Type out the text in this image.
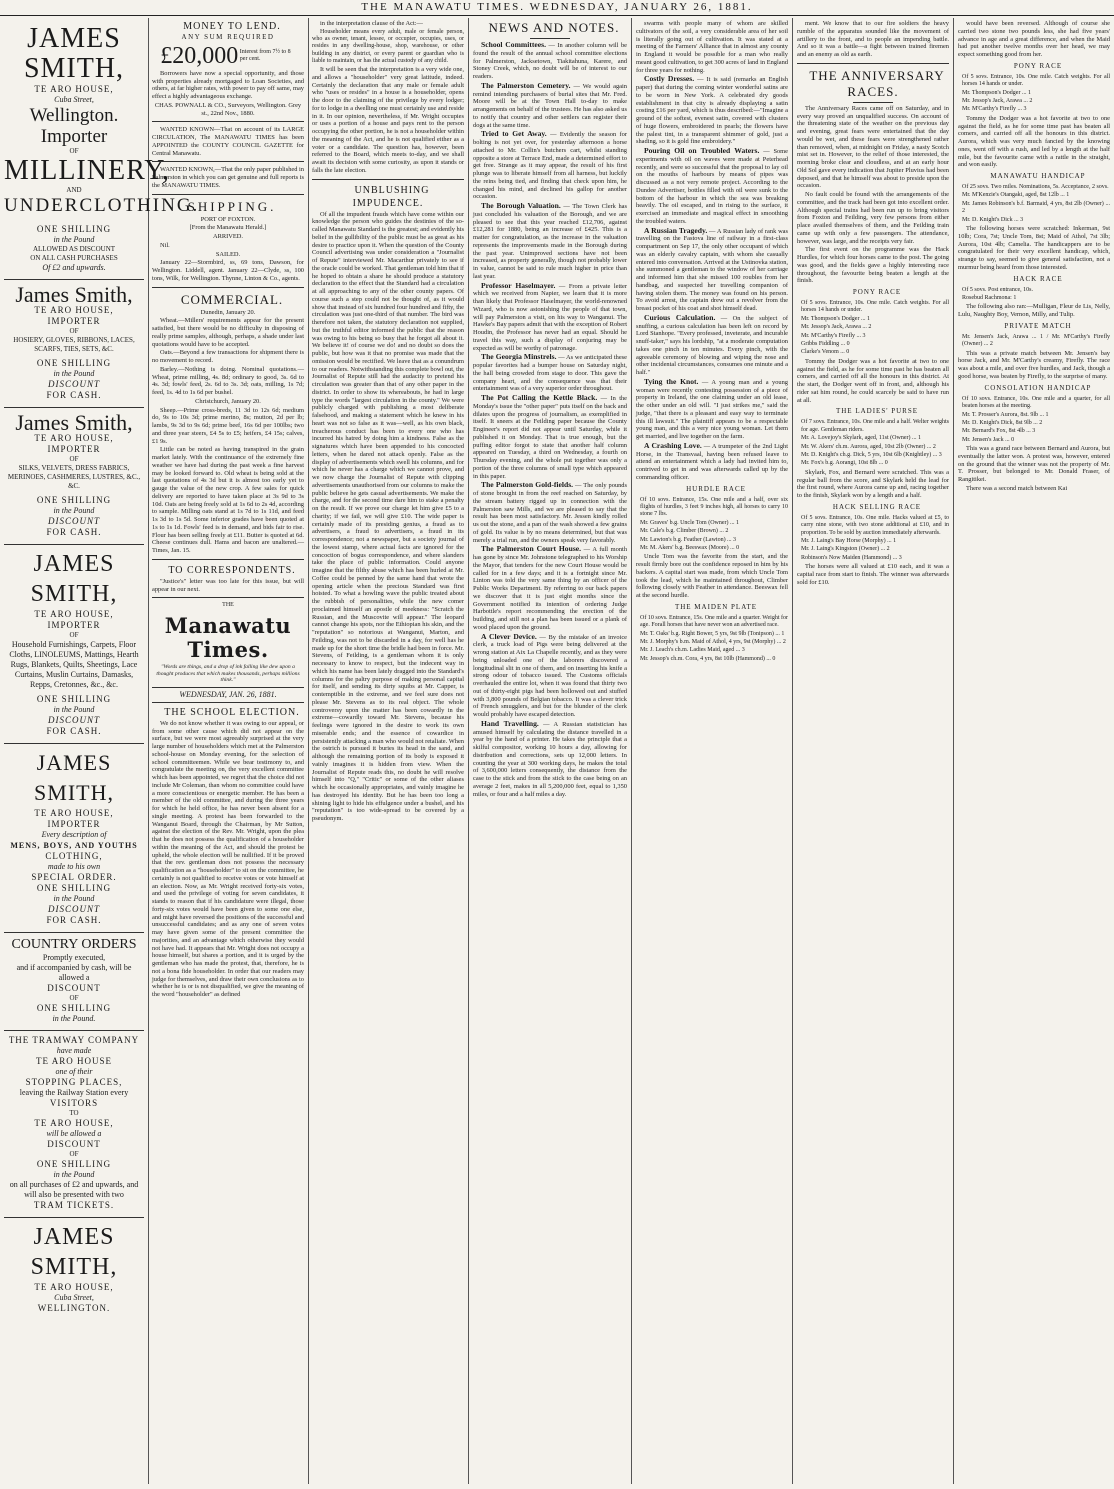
THE MANAWATU TIMES. WEDNESDAY, JANUARY 26, 1881.
JAMES SMITH,
TE ARO HOUSE,
Cuba Street,
Wellington.
Importer
OF
MILLINERY,
AND
UNDERCLOTHING.
ONE SHILLING
in the Pound
ALLOWED AS DISCOUNT
ON ALL CASH PURCHASES
Of £2 and upwards.
James Smith,
TE ARO HOUSE,
IMPORTER
OF
HOSIERY, GLOVES, RIBBONS, LACES, SCARFS, TIES, SETS, &C.
ONE SHILLING
in the Pound
DISCOUNT
FOR CASH.
James Smith,
TE ARO HOUSE,
IMPORTER
OF
SILKS, VELVETS, DRESS FABRICS, MERINOES, CASHMERES, LUSTRES, &C., &C.
ONE SHILLING
in the Pound
DISCOUNT
FOR CASH.
JAMES SMITH,
TE ARO HOUSE,
IMPORTER
OF
Household Furnishings, Carpets, Floor Cloths, LINOLEUMS, Mattings, Hearth Rugs, Blankets, Quilts, Sheetings, Lace Curtains, Muslin Curtains, Damasks, Repps, Cretonnes, &c., &c.
ONE SHILLING
in the Pound
DISCOUNT
FOR CASH.
JAMES SMITH,
TE ARO HOUSE,
IMPORTER
Every description of
MENS, BOYS, AND YOUTHS
CLOTHING,
made to his own
SPECIAL ORDER.
ONE SHILLING
in the Pound
DISCOUNT
FOR CASH.
COUNTRY ORDERS
Promptly executed,
and if accompanied by cash, will be allowed a
DISCOUNT
OF
ONE SHILLING
in the Pound.
THE TRAMWAY COMPANY
have made
TE ARO HOUSE
one of their
STOPPING PLACES,
leaving the Railway Station every
VISITORS
TO
TE ARO HOUSE,
will be allowed a
DISCOUNT
OF
ONE SHILLING
in the Pound
on all purchases of £2 and upwards, and
will also be presented with two
TRAM TICKETS.
JAMES SMITH,
TE ARO HOUSE,
Cuba Street,
WELLINGTON.

MONEY TO LEND.

ANY SUM REQUIRED

£20,000 Interest from 7½ to 8 per cent.

Borrowers have now a special opportunity, and those with properties already mortgaged to Loan Societies, and others, at far higher rates, with power to pay off same, may effect a highly advantageous exchange.

CHAS. POWNALL & CO., Surveyors, Wellington. Grey st., 22nd Nov., 1880.

WANTED KNOWN—That on account of its LARGE CIRCULATION, The MANAWATU TIMES has been APPOINTED the COUNTY COUNCIL GAZETTE for Central Manawatu.

WANTED KNOWN,—That the only paper published in Palmerston in which you can get genuine and full reports is the MANAWATU TIMES.

SHIPPING.

PORT OF FOXTON.

[From the Manawatu Herald.]

ARRIVED.

Nil.

SAILED.

January 22—Stormbird, ss, 69 tons, Dawson, for Wellington. Liddell, agent. January 22—Clyde, ss, 100 tons, Wilk, for Wellington. Thynne, Linton & Co., agents.

COMMERCIAL.

Dunedin, January 20.

Wheat.—Millers' requirements appear for the present satisfied, but there would be no difficulty in disposing of really prime samples, although, perhaps, a shade under last quotations would have to be accepted.

Oats.—Beyond a few transactions for shipment there is no movement to record.

Barley.—Nothing is doing. Nominal quotations.—Wheat, prime milling, 4s. 8d; ordinary to good, 3s. 6d to 4s. 3d; fowls' feed, 2s. 6d to 3s. 3d; oats, milling, 1s 7d; feed, 1s. 4d to 1s 6d per bushel.

Christchurch, January 20.

Sheep.—Prime cross-breds, 11 3d to 12s 6d; medium do, 9s to 10s 3d; prime merino, 8s; mutton, 2d per lb; lambs, 9s 3d to 9s 6d; prime beef, 16s 6d per 100lbs; two and three year steers, £4 5s to £5; heifers, £4 15s; calves, £1 9s.

Little can be noted as having transpired in the grain market lately. With the continuance of the extremely fine weather we have had during the past week a fine harvest may be looked forward to. Old wheat is being sold at the last quotations of 4s 3d but it is almost too early yet to gauge the value of the new crop. A few sales for quick delivery are reported to have taken place at 3s 9d to 3s 10d. Oats are being freely sold at 1s 6d to 2s 4d, according to sample. Milling oats stand at 1s 7d to 1s 11d, and feed 1s 3d to 1s 5d. Some inferior grades have been quoted at 1s to 1s 1d. Fowls' feed is in demand, and bids fair to rise. Flour has been selling freely at £11. Butter is quoted at 6d. Cheese continues dull. Hams and bacon are unaltered.—Times, Jan. 15.

TO CORRESPONDENTS.

"Justice's" letter was too late for this issue, but will appear in our next.

THE

Manawatu Times.

"Words are things, and a drop of ink falling like dew upon a thought produces that which makes thousands, perhaps millions think."

WEDNESDAY, JAN. 26, 1881.

THE SCHOOL ELECTION.

We do not know whether it was owing to our appeal, or from some other cause which did not appear on the surface, but we were most agreeably surprised at the very large number of householders which met at the Palmerston school-house on Monday evening, for the selection of school committeemen. While we bear testimony to, and congratulate the meeting on, the very excellent committee which has been appointed, we regret that the choice did not include Mr Coleman, than whom no committee could have a more conscientious or energetic member. He has been a member of the old committee, and during the three years for which he held office, he has never been absent for a single meeting. A protest has been forwarded to the Wanganui Board, through the Chairman, by Mr Sutton, against the election of the Rev. Mr. Wright, upon the plea that he does not possess the qualification of a householder within the meaning of the Act, and should the protest be upheld, the whole election will be nullified. If it be proved that the rev. gentleman does not possess the necessary qualification as a "householder" to sit on the committee, he certainly is not qualified to receive votes or vote himself at an election. Now, as Mr. Wright received forty-six votes, and used the privilege of voting for seven candidates, it stands to reason that if his candidature were illegal, those forty-six votes would have been given to some one else, and might have reversed the positions of the successful and unsuccessful candidates; and as any one of seven votes may have given some of the present committee the majorities, and an advantage which otherwise they would not have had. It appears that Mr. Wright does not occupy a house himself, but shares a portion, and it is urged by the gentleman who has made the protest, that, therefore, he is not a bona fide householder. In order that our readers may judge for themselves, and draw their own conclusions as to whether he is or is not disqualified, we give the meaning of the word "householder" as defined

in the interpretation clause of the Act:—

Householder means every adult, male or female person, who as owner, tenant, lessee, or occupier, occupies, uses, or resides in any dwelling-house, shop, warehouse, or other building in any district, or every parent or guardian who is liable to maintain, or has the actual custody of any child.

It will be seen that the interpretation is a very wide one, and allows a "householder" very great latitude, indeed. Certainly the declaration that any male or female adult who "uses or resides" in a house is a householder, opens the door to the claiming of the privilege by every lodger; for to lodge in a dwelling one must certainly use and reside in it. In our opinion, nevertheless, if Mr. Wright occupies or uses a portion of a house and pays rent to the person occupying the other portion, he is not a householder within the meaning of the Act, and he is not qualified either as a voter or a candidate. The question has, however, been referred to the Board, which meets to-day, and we shall await its decision with some curiosity, as upon it stands or falls the late election.

UNBLUSHING IMPUDENCE.

Of all the impudent frauds which have come within our knowledge the person who guides the destinies of the so-called Manawatu Standard is the greatest; and evidently his belief in the gullibility of the public must be as great as his desire to practice upon it. When the question of the County Council advertising was under consideration a "Journalist of Repute" interviewed Mr. Macarthur privately to see if the oracle could be worked. That gentleman told him that if he hoped to obtain a share he should produce a statutory declaration to the effect that the Standard had a circulation at all approaching to any of the other county papers. Of course such a step could not be thought of, as it would show that instead of six hundred four hundred and fifty, the circulation was just one-third of that number. The bird was therefore not taken, the statutory declaration not supplied, but the truthful editor informed the public that the reason was owing to his being so busy that he forgot all about it. We believe it! of course we do! and no doubt so does the public, but how was it that no promise was made that the omission would be rectified. We leave that as a conundrum to our readers. Notwithstanding this complete bowl out, the Journalist of Repute still had the audacity to pretend his circulation was greater than that of any other paper in the district. In order to show its whereabouts, he had in large type the words "largest circulation in the county." We were publicly charged with publishing a most deliberate falsehood, and making a statement which he knew in his heart was not so false as it was—well, as his own black, treacherous conduct has been to every one who has incurred his hatred by doing him a kindness. False as the signatures which have been appended to his concocted letters, when he dared not attack openly. False as the display of advertisements which swell his columns, and for which he never has a charge which we cannot prove, and we now charge the Journalist of Repute with clipping advertisements unauthorised from our columns to make the public believe he gets casual advertisements. We make the charge, and for the second time dare him to stake a penalty on the result. If we prove our charge let him give £5 to a charity; if we fail, we will give £10. The wide paper is certainly made of its presiding genius, a fraud as to advertisers, a fraud to advertisers, a fraud in its correspondence; not a newspaper, but a society journal of the lowest stamp, where actual facts are ignored for the concoction of bogus correspondence, and where slanders take the place of public information. Could anyone imagine that the filthy abuse which has been hurled at Mr. Coffee could be penned by the same hand that wrote the opening article when the precious Standard was first hoisted. To what a howling wave the public treated about the rubbish of personalities, while the new comer proclaimed himself an apostle of meekness: "Scratch the Russian, and the Muscovite will appear." The leopard cannot change his spots, nor the Ethiopian his skin, and the "reputation" so notorious at Wanganui, Marton, and Feilding, was not to be discarded in a day, for well has he made up for the short time the bridle had been in force. Mr. Stevens, of Feilding, is a gentleman whom it is only necessary to know to respect, but the indecent way in which his name has been lately dragged into the Standard's columns for the paltry purpose of making personal capital for itself, and sending its dirty squibs at Mr. Capper, is contemptible in the extreme, and we feel sure does not please Mr. Stevens as to its real object. The whole controversy upon the matter has been cowardly in the extreme—cowardly toward Mr. Stevens, because his feelings were ignored in the desire to work its own miserable ends; and the essence of cowardice in persistently attacking a man who would not retaliate. When the ostrich is pursued it buries its head in the sand, and although the remaining portion of its body is exposed it vainly imagines it is hidden from view. When the Journalist of Repute reads this, no doubt he will resolve himself into "Q," "Critic" or some of the other aliases which he occasionally appropriates, and vainly imagine he has destroyed his identity. But he has been too long a shining light to hide his effulgence under a bushel, and his "reputation" is too wide-spread to be covered by a pseudonym.

NEWS AND NOTES.

School Committees. — In another column will be found the result of the annual school committee elections for Palmerston, Jacksetown, Tiakitahuna, Karere, and Stoney Creek, which, no doubt will be of interest to our readers.

The Palmerston Cemetery. — We would again remind intending purchasers of burial sites that Mr. Fred. Moore will be at the Town Hall to-day to make arrangements on behalf of the trustees. He has also asked us to notify that country and other settlers can register their dogs at the same time.

Tried to Get Away. — Evidently the season for bolting is not yet over, for yesterday afternoon a horse attached to Mr. Collin's butchers cart, whilst standing opposite a store at Terrace End, made a determined effort to get free. Strange as it may appear, the result of his first plunge was to liberate himself from all harness, but luckily the reins being tied, and finding that check upon him, he changed his mind, and declined his gallop for another occasion.

The Borough Valuation. — The Town Clerk has just concluded his valuation of the Borough, and we are pleased to see that this year reached £12,706, against £12,281 for 1880, being an increase of £425. This is a matter for congratulation, as the increase in the valuation represents the improvements made in the Borough during the past year. Unimproved sections have not been increased, as property generally, though not probably lower in value, cannot be said to rule much higher in price than last year.

Professor Haselmayer. — From a private letter which we received from Napier, we learn that it is more than likely that Professor Haselmayer, the world-renowned Wizard, who is now astonishing the people of that town, will pay Palmerston a visit, on his way to Wanganui. The Hawke's Bay papers admit that with the exception of Robert Houdin, the Professor has never had an equal. Should he travel this way, such a display of conjuring may be expected as will be worthy of patronage.

The Georgia Minstrels. — As we anticipated these popular favorites had a bumper house on Saturday night, the hall being crowded from stage to door. This gave the company heart, and the consequence was that their entertainment was of a very superior order throughout.

The Pot Calling the Kettle Black. — In the Monday's issue the "other paper" puts itself on the back and dilates upon the progress of journalism, as exemplified in itself. It sneers at the Feilding paper because the County Engineer's report did not appear until Saturday, while it published it on Monday. That is true enough, but the puffing editor forgot to state that another half column appeared on Tuesday, a third on Wednesday, a fourth on Thursday evening, and the whole put together was only a portion of the three columns of small type which appeared in this paper.

The Palmerston Gold-fields. — The only pounds of stone brought in from the reef reached on Saturday, by the stream battery rigged up in connection with the Palmerston saw Mills, and we are pleased to say that the result has been most satisfactory. Mr. Jessen kindly rolled us out the stone, and a pan of the wash showed a few grains of gold. Its value is by no means determined, but that was merely a trial run, and the owners speak very favorably.

The Palmerston Court House. — A full month has gone by since Mr. Johnstone telegraphed to his Worship the Mayor, that tenders for the new Court House would be called for in a few days; and it is a fortnight since Mr. Linton was told the very same thing by an officer of the Public Works Department. By referring to our back papers we discover that it is just eight months since the Government notified its intention of ordering Judge Harbottle's report recommending the erection of the building, and still not a plan has been issued or a plank of wood placed upon the ground.

A Clever Device. — By the mistake of an invoice clerk, a truck load of Pigs were being delivered at the wrong station at Aix La Chapelle recently, and as they were being unloaded one of the laborers discovered a longitudinal slit in one of them, and on inserting his knife a strong odour of tobacco issued. The Customs officials overhauled the entire lot, when it was found that thirty two out of thirty-eight pigs had been hollowed out and stuffed with 3,800 pounds of Belgian tobacco. It was a clever trick of French smugglers, and but for the blunder of the clerk would probably have escaped detection.

Hand Travelling. — A Russian statistician has amused himself by calculating the distance travelled in a year by the hand of a printer. He takes the principle that a skilful compositor, working 10 hours a day, allowing for distribution and corrections, sets up 12,000 letters. In counting the year at 300 working days, he makes the total of 3,600,000 letters consequently, the distance from the case to the stick and from the stick to the case being on an average 2 feet, makes in all 5,200,000 feet, equal to 1,350 miles, or four and a half miles a day.

swarms with people many of whom are skilled cultivators of the soil, a very considerable area of her soil is literally going out of cultivation. It was stated at a meeting of the Farmers' Alliance that in almost any county in England it would be possible for a man who really meant good cultivation, to get 300 acres of land in England for three years for nothing.

Costly Dresses. — It is said (remarks an English paper) that during the coming winter wonderful satins are to be worn in New York. A celebrated dry goods establishment in that city is already displaying a satin costing £16 per yard, which is thus described:—"Imagine a ground of the softest, evenest satin, covered with clusters of huge flowers, embroidered in pearls; the flowers have the palest tint, in a transparent shimmer of gold, just a shading, so it is gold fine embroidery."

Pouring Oil on Troubled Waters. — Some experiments with oil on waves were made at Peterhead recently, and were so successful that the proposal to lay oil on the mouths of harbours by means of pipes was discussed as a not very remote project. According to the Dundee Advertiser, bottles filled with oil were sunk to the bottom of the harbour in which the sea was breaking heavily. The oil escaped, and in rising to the surface, it exercised an immediate and magical effect in smoothing the troubled waters.

A Russian Tragedy. — A Russian lady of rank was travelling on the Fastova line of railway in a first-class compartment on Sep 17, the only other occupant of which was an elderly cavalry captain, with whom she casually entered into conversation. Arrived at the Ustinovka station, she summoned a gentleman to the window of her carriage and informed him that she missed 100 roubles from her handbag, and suspected her travelling companion of having stolen them. The money was found on his person. To avoid arrest, the captain drew out a revolver from the breast pocket of his coat and shot himself dead.

Curious Calculation. — On the subject of snuffing, a curious calculation has been left on record by Lord Stanhope. "Every professed, inveterate, and incurable snuff-taker," says his lordship, "at a moderate computation takes one pinch in ten minutes. Every pinch, with the agreeable ceremony of blowing and wiping the nose and other incidental circumstances, consumes one minute and a half."

Tying the Knot. — A young man and a young woman were recently contesting possession of a piece of property in Ireland, the one claiming under an old lease, the other under an old will. "I just strikes me," said the judge, "that there is a pleasant and easy way to terminate this ill lawsuit." The plaintiff appears to be a respectable young man, and this a very nice young woman. Let them get married, and live together on the farm.

A Crashing Love. — A trumpeter of the 2nd Light Horse, in the Transvaal, having been refused leave to attend an entertainment which a lady had invited him to, contrived to get in and was afterwards called up by the commanding officer.

HURDLE RACE

Of 10 sovs. Entrance, 15s. One mile and a half, over six flights of hurdles, 3 feet 9 inches high, all horses to carry 10 stone 7 lbs.

Mr. Graves' b.g. Uncle Tom (Owner) ... 1

Mr. Cale's b.g. Climber (Brown) ... 2

Mr. Lawton's b.g. Feather (Lawton) ... 3

Mr. M. Akers' b.g. Beeswax (Moore) ... 0

Uncle Tom was the favorite from the start, and the result firmly bore out the confidence reposed in him by his backers. A capital start was made, from which Uncle Tom took the lead, which he maintained throughout, Climber following closely with Feather in attendance. Beeswax fell at the second hurdle.

THE MAIDEN PLATE

Of 10 sovs. Entrance, 15s. One mile and a quarter. Weight for age. Forall horses that have never won an advertised race.

Mr. T. Oaks' b.g. Right Bower, 5 yrs, 9st 9lb (Tonipson) ... 1

Mr. J. Morphy's b.m. Maid of Athol, 4 yrs, 9st (Morphy) ... 2

Mr. J. Leach's ch.m. Ladies Maid, aged ... 3

Mr. Jessop's ch.m. Cora, 4 yrs, 8st 10lb (Hammond) ... 0

ment. We know that to our fire soldiers the heavy rumble of the apparatus sounded like the movement of artillery to the front, and to people an impending battle. And so it was a battle—a fight between trained firemen and an enemy as old as earth.

THE ANNIVERSARY RACES.

The Anniversary Races came off on Saturday, and in every way proved an unqualified success. On account of the threatening state of the weather on the previous day and evening, great fears were entertained that the day would be wet, and these fears were strengthened rather than removed, when, at midnight on Friday, a nasty Scotch mist set in. However, to the relief of those interested, the morning broke clear and cloudless, and at an early hour Old Sol gave every indication that Jupiter Pluvius had been deposed, and that he himself was about to preside upon the occasion.

No fault could be found with the arrangements of the committee, and the track had been got into excellent order. Although special trains had been run up to bring visitors from Foxton and Feilding, very few persons from either place availed themselves of them, and the Feilding train came up with only a few passengers. The attendance, however, was large, and the receipts very fair.

The first event on the programme was the Hack Hurdles, for which four horses came to the post. The going was good, and the fields gave a highly interesting race throughout, the favourite being beaten a length at the finish.

PONY RACE

Of 5 sovs. Entrance, 10s. One mile. Catch weights. For all horses 14 hands or under.

Mr. Thompson's Dodger ... 1

Mr. Jessop's Jack, Arawa ... 2

Mr. M'Carthy's Firefly ... 3

Gribbs Fiddling ... 0

Clarke's Venom ... 0

Tommy the Dodger was a hot favorite at two to one against the field, as he for some time past he has beaten all comers, and carried off all the honours in this district. At the start, the Dodger went off in front, and, although his rider sat him round, he could scarcely be said to have run at all.

THE LADIES' PURSE

Of 7 sovs. Entrance, 10s. One mile and a half. Welter weights for age. Gentleman riders.

Mr. A. Lovejoy's Skylark, aged, 11st (Owner) ... 1

Mr. W. Akers' ch.m. Aurora, aged, 10st 2lb (Owner) ... 2

Mr. D. Knight's ch.g. Dick, 5 yrs, 10st 6lb (Knightley) ... 3

Mr. Fox's b.g. Aorangi, 10st 8lb ... 0

Skylark, Fox, and Bernard were scratched. This was a regular ball from the score, and Skylark held the lead for the first round, where Aurora came up and, racing together to the finish, Skylark won by a length and a half.

HACK SELLING RACE

Of 5 sovs. Entrance, 10s. One mile. Hacks valued at £5, to carry nine stone, with two stone additional at £10, and in proportion. To be sold by auction immediately afterwards.

Mr. J. Laing's Bay Horse (Morphy) ... 1

Mr. J. Laing's Kingston (Owner) ... 2

Robinson's Now Maiden (Hammond) ... 3

The horses were all valued at £10 each, and it was a capital race from start to finish. The winner was afterwards sold for £10.

would have been reversed. Although of course she carried two stone two pounds less, she had five years' advance in age and a great difference, and when the Maid had put another twelve months over her head, we may expect something good from her.

PONY RACE

Of 5 sovs. Entrance, 10s. One mile. Catch weights. For all horses 14 hands or under.

Mr. Thompson's Dodger ... 1

Mr. Jessop's Jack, Arawa ... 2

Mr. M'Carthy's Firefly ... 3

Tommy the Dodger was a hot favorite at two to one against the field, as he for some time past has beaten all comers, and carried off all the honours in this district. Aurora, which was very much fancied by the knowing ones, went off with a rush, and led by a length at the half mile, but the favourite came with a rattle in the straight, and won easily.

MANAWATU HANDICAP

Of 25 sovs. Two miles. Nominations, 5s. Acceptance, 2 sovs.

Mr. M'Kenzie's Otangaki, aged, 8st 12lb ... 1

Mr. James Robinson's b.f. Barmaid, 4 yrs, 8st 2lb (Owner) ... 2

Mr. D. Knight's Dick ... 3

The following horses were scratched: Inkerman, 9st 10lb; Cora, 7st; Uncle Tom, 8st; Maid of Athol, 7st 3lb; Aurora, 10st 4lb; Camelia. The handicappers are to be congratulated for their very excellent handicap, which, strange to say, seemed to give general satisfaction, not a murmur being heard from those interested.

HACK RACE

Of 5 sovs. Post entrance, 10s.

Rosebud Rachmona: 1

The following also ran:—Mulligan, Fleur de Lis, Nelly, Lulu, Naughty Boy, Vernon, Milly, and Tulip.

PRIVATE MATCH

Mr. Jensen's Jack, Arawa ... 1 / Mr. M'Carthy's Firefly (Owner) ... 2

This was a private match between Mr. Jensen's bay horse Jack, and Mr. M'Carthy's creamy, Firefly. The race was about a mile, and over five hurdles, and Jack, though a good horse, was beaten by Firefly, to the surprise of many.

CONSOLATION HANDICAP

Of 10 sovs. Entrance, 10s. One mile and a quarter, for all beaten horses at the meeting.

Mr. T. Prosser's Aurora, 8st. 9lb ... 1

Mr. D. Knight's Dick, 8st 9lb ... 2

Mr. Bernard's Fox, 8st 4lb ... 3

Mr. Jensen's Jack ... 0

This was a grand race between Bernard and Aurora, but eventually the latter won. A protest was, however, entered on the ground that the winner was not the property of Mr. T. Prosser, but belonged to Mr. Donald Fraser, of Rangitikei.

There was a second match between Kai
